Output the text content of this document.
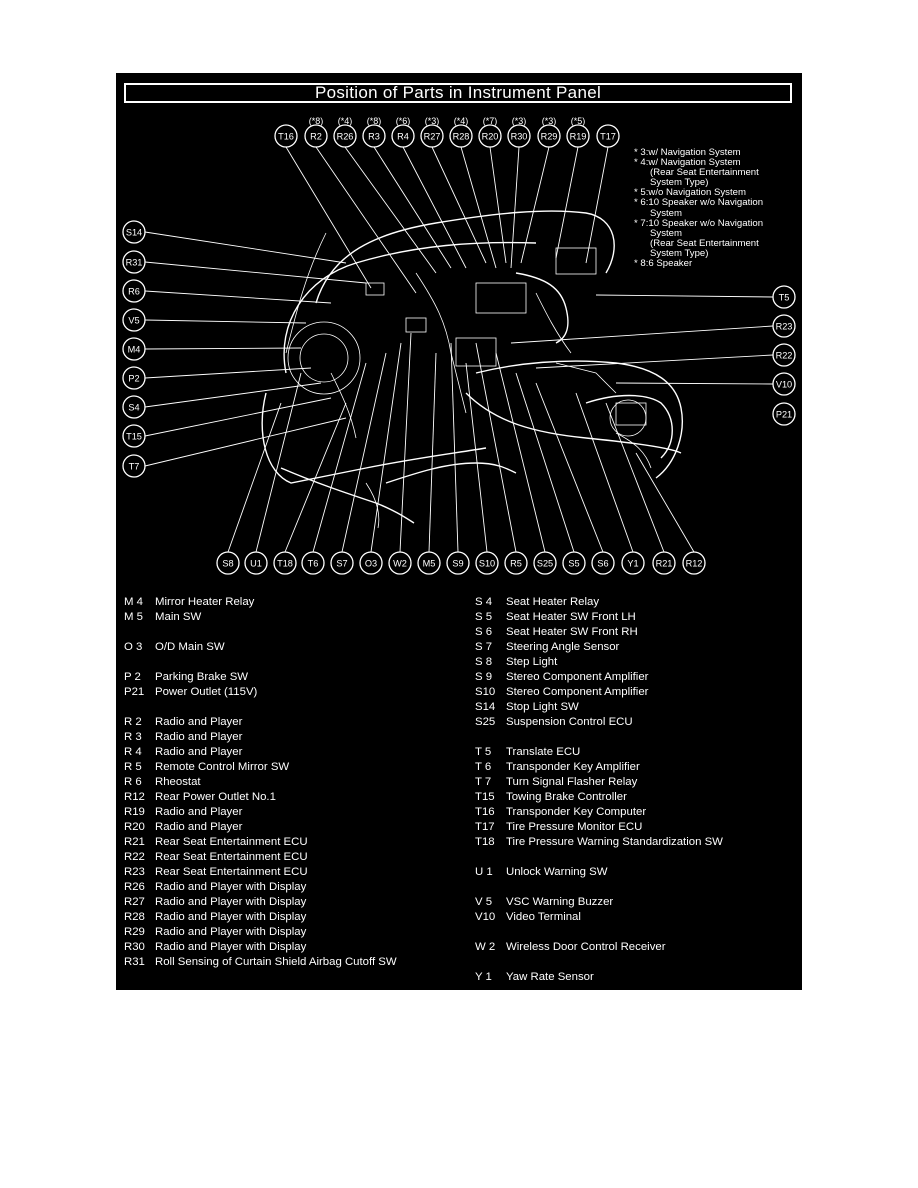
Position of Parts in Instrument Panel
T16 R2
(*8)
R26
(*4)
R3
(*8)
R4
(*6)
R27
(*3)
R28
(*4)
R20
(*7)
R30
(*3)
R29
(*3)
R19
(*5)
T17
S14
R31
R6
V5
M4
P2
S4
T15
T7
T5
R23
R22
V10
P21
S8 U1 T18 T6 S7 O3 W2 M5 S9 S10 R5 S25 S5 S6 Y1 R21 R12
* 3:w/ Navigation System
* 4:w/ Navigation System
(Rear Seat Entertainment
System Type)
* 5:w/o Navigation System
* 6:10 Speaker w/o Navigation
System
* 7:10 Speaker w/o Navigation
System
(Rear Seat Entertainment
System Type)
* 8:6 Speaker
M 4 Mirror Heater Relay
M 5 Main SW
O 3 O/D Main SW
P 2 Parking Brake SW
P21 Power Outlet (115V)
R 2 Radio and Player
R 3 Radio and Player
R 4 Radio and Player
R 5 Remote Control Mirror SW
R 6 Rheostat
R12 Rear Power Outlet No.1
R19 Radio and Player
R20 Radio and Player
R21 Rear Seat Entertainment ECU
R22 Rear Seat Entertainment ECU
R23 Rear Seat Entertainment ECU
R26 Radio and Player with Display
R27 Radio and Player with Display
R28 Radio and Player with Display
R29 Radio and Player with Display
R30 Radio and Player with Display
R31 Roll Sensing of Curtain Shield Airbag Cutoff SW
S 4 Seat Heater Relay
S 5 Seat Heater SW Front LH
S 6 Seat Heater SW Front RH
S 7 Steering Angle Sensor
S 8 Step Light
S 9 Stereo Component Amplifier
S10 Stereo Component Amplifier
S14 Stop Light SW
S25 Suspension Control ECU
T 5 Translate ECU
T 6 Transponder Key Amplifier
T 7 Turn Signal Flasher Relay
T15 Towing Brake Controller
T16 Transponder Key Computer
T17 Tire Pressure Monitor ECU
T18 Tire Pressure Warning Standardization SW
U 1 Unlock Warning SW
V 5 VSC Warning Buzzer
V10 Video Terminal
W 2 Wireless Door Control Receiver
Y 1 Yaw Rate Sensor
